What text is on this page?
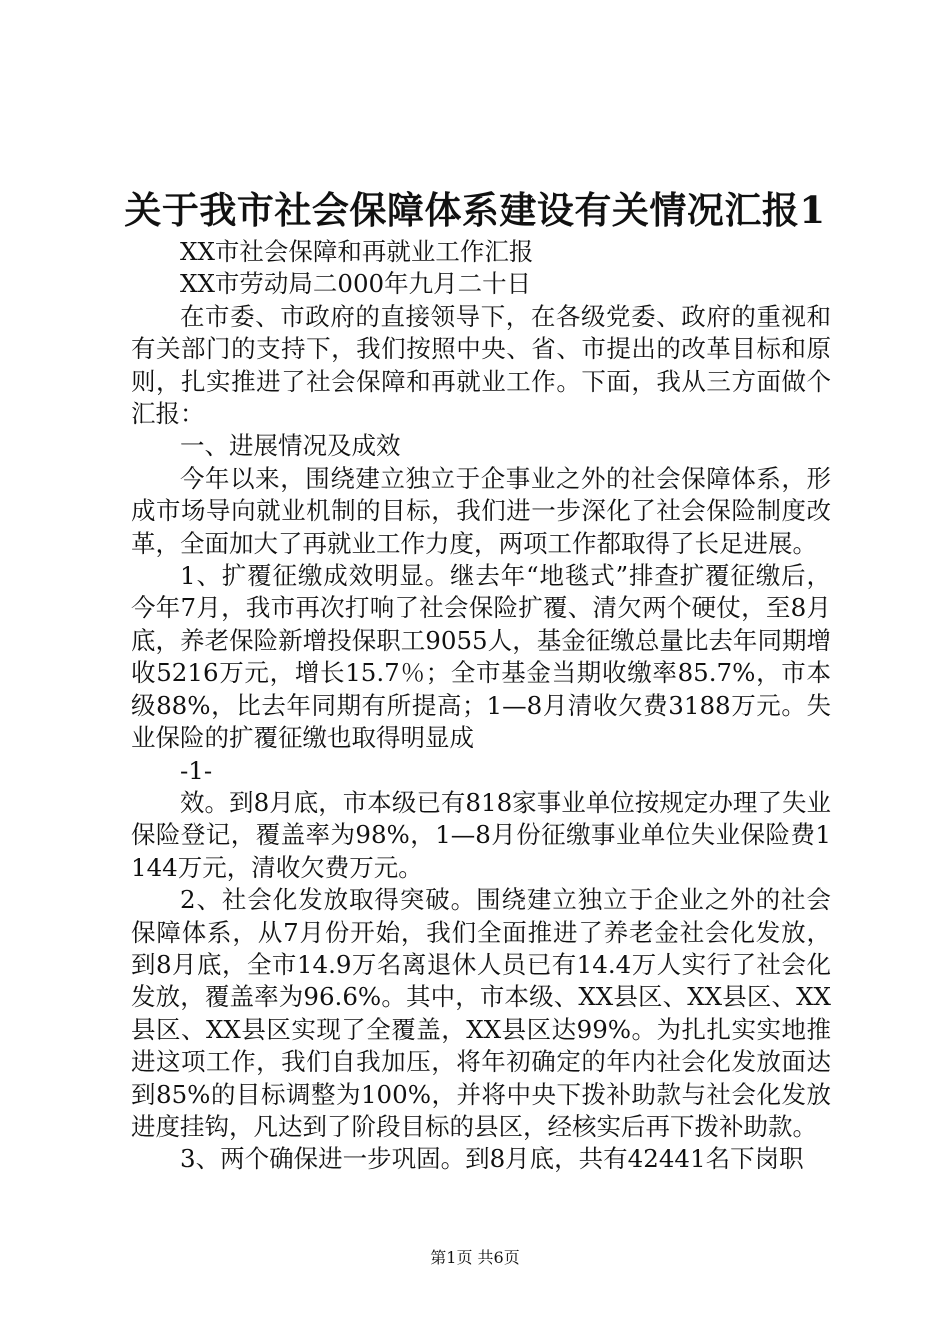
关于我市社会保障体系建设有关情况汇报1

XX市社会保障和再就业工作汇报

XX市劳动局二000年九月二十日

在市委、市政府的直接领导下，在各级党委、政府的重视和有关部门的支持下，我们按照中央、省、市提出的改革目标和原则，扎实推进了社会保障和再就业工作。下面，我从三方面做个汇报：

一、进展情况及成效

今年以来，围绕建立独立于企事业之外的社会保障体系，形成市场导向就业机制的目标，我们进一步深化了社会保险制度改革，全面加大了再就业工作力度，两项工作都取得了长足进展。

1、扩覆征缴成效明显。继去年“地毯式”排查扩覆征缴后，今年7月，我市再次打响了社会保险扩覆、清欠两个硬仗，至8月底，养老保险新增投保职工9055人，基金征缴总量比去年同期增收5216万元，增长15.7％；全市基金当期收缴率85.7%，市本级88%，比去年同期有所提高；1—8月清收欠费3188万元。失业保险的扩覆征缴也取得明显成

-1-

效。到8月底，市本级已有818家事业单位按规定办理了失业保险登记，覆盖率为98%，1—8月份征缴事业单位失业保险费1144万元，清收欠费万元。

2、社会化发放取得突破。围绕建立独立于企业之外的社会保障体系，从7月份开始，我们全面推进了养老金社会化发放，到8月底，全市14.9万名离退休人员已有14.4万人实行了社会化发放，覆盖率为96.6%。其中，市本级、XX县区、XX县区、XX县区、XX县区实现了全覆盖，XX县区达99%。为扎扎实实地推进这项工作，我们自我加压，将年初确定的年内社会化发放面达到85%的目标调整为100%，并将中央下拨补助款与社会化发放进度挂钩，凡达到了阶段目标的县区，经核实后再下拨补助款。

3、两个确保进一步巩固。到8月底，共有42441名下岗职

第1页 共6页
